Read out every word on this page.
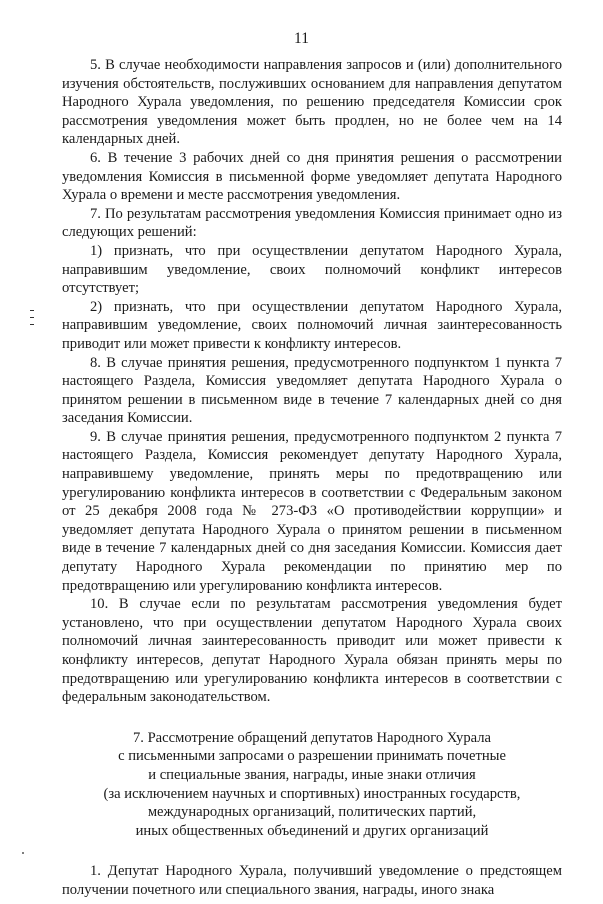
11

5. В случае необходимости направления запросов и (или) дополнительного изучения обстоятельств, послуживших основанием для направления депутатом Народного Хурала уведомления, по решению председателя Комиссии срок рассмотрения уведомления может быть продлен, но не более чем на 14 календарных дней.

6. В течение 3 рабочих дней со дня принятия решения о рассмотрении уведомления Комиссия в письменной форме уведомляет депутата Народного Хурала о времени и месте рассмотрения уведомления.

7. По результатам рассмотрения уведомления Комиссия принимает одно из следующих решений:

1) признать, что при осуществлении депутатом Народного Хурала, направившим уведомление, своих полномочий конфликт интересов отсутствует;

2) признать, что при осуществлении депутатом Народного Хурала, направившим уведомление, своих полномочий личная заинтересованность приводит или может привести к конфликту интересов.

8. В случае принятия решения, предусмотренного подпунктом 1 пункта 7 настоящего Раздела, Комиссия уведомляет депутата Народного Хурала о принятом решении в письменном виде в течение 7 календарных дней со дня заседания Комиссии.

9. В случае принятия решения, предусмотренного подпунктом 2 пункта 7 настоящего Раздела, Комиссия рекомендует депутату Народного Хурала, направившему уведомление, принять меры по предотвращению или урегулированию конфликта интересов в соответствии с Федеральным законом от 25 декабря 2008 года № 273-ФЗ «О противодействии коррупции» и уведомляет депутата Народного Хурала о принятом решении в письменном виде в течение 7 календарных дней со дня заседания Комиссии. Комиссия дает депутату Народного Хурала рекомендации по принятию мер по предотвращению или урегулированию конфликта интересов.

10. В случае если по результатам рассмотрения уведомления будет установлено, что при осуществлении депутатом Народного Хурала своих полномочий личная заинтересованность приводит или может привести к конфликту интересов, депутат Народного Хурала обязан принять меры по предотвращению или урегулированию конфликта интересов в соответствии с федеральным законодательством.

7. Рассмотрение обращений депутатов Народного Хурала
с письменными запросами о разрешении принимать почетные
и специальные звания, награды, иные знаки отличия
(за исключением научных и спортивных) иностранных государств,
международных организаций, политических партий,
иных общественных объединений и других организаций

1. Депутат Народного Хурала, получивший уведомление о предстоящем получении почетного или специального звания, награды, иного знака
